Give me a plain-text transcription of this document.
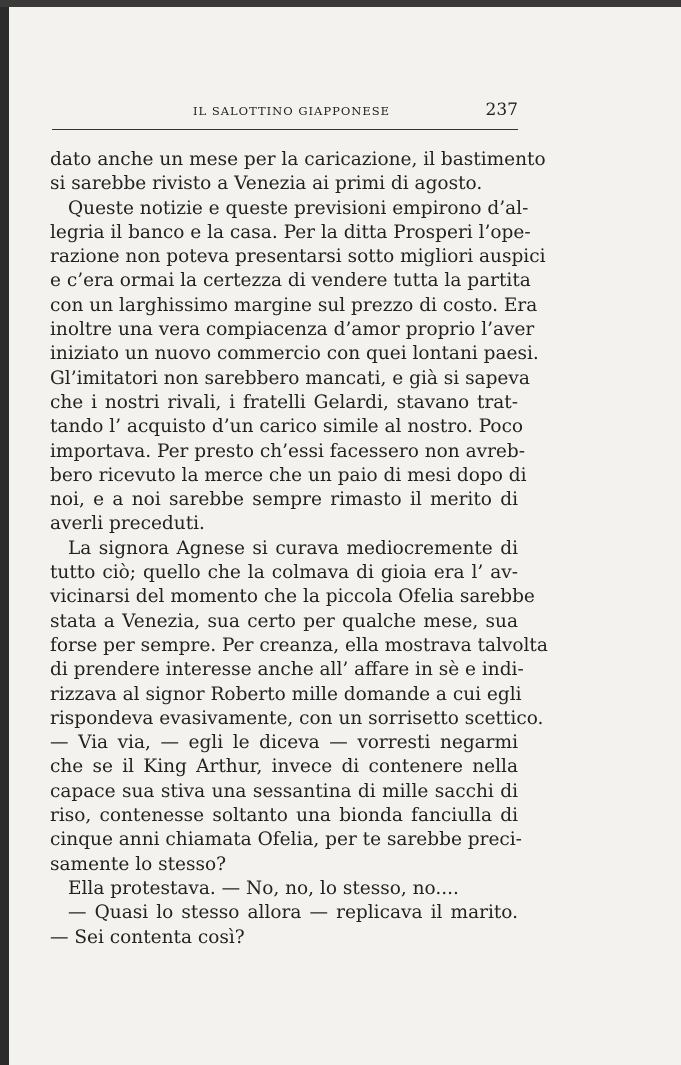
IL SALOTTINO GIAPPONESE	237
dato anche un mese per la caricazione, il bastimento
si sarebbe rivisto a Venezia ai primi di agosto.
Queste notizie e queste previsioni empirono d’al-
legria il banco e la casa. Per la ditta Prosperi l’ope-
razione non poteva presentarsi sotto migliori auspici
e c’era ormai la certezza di vendere tutta la partita
con un larghissimo margine sul prezzo di costo. Era
inoltre una vera compiacenza d’amor proprio l’aver
iniziato un nuovo commercio con quei lontani paesi.
Gl’imitatori non sarebbero mancati, e già si sapeva
che i nostri rivali, i fratelli Gelardi, stavano trat-
tando l’ acquisto d’un carico simile al nostro. Poco
importava. Per presto ch’essi facessero non avreb-
bero ricevuto la merce che un paio di mesi dopo di
noi, e a noi sarebbe sempre rimasto il merito di
averli preceduti.
La signora Agnese si curava mediocremente di
tutto ciò; quello che la colmava di gioia era l’ av-
vicinarsi del momento che la piccola Ofelia sarebbe
stata a Venezia, sua certo per qualche mese, sua
forse per sempre. Per creanza, ella mostrava talvolta
di prendere interesse anche all’ affare in sè e indi-
rizzava al signor Roberto mille domande a cui egli
rispondeva evasivamente, con un sorrisetto scettico.
— Via via, — egli le diceva — vorresti negarmi
che se il King Arthur, invece di contenere nella
capace sua stiva una sessantina di mille sacchi di
riso, contenesse soltanto una bionda fanciulla di
cinque anni chiamata Ofelia, per te sarebbe preci-
samente lo stesso?
Ella protestava. — No, no, lo stesso, no....
— Quasi lo stesso allora — replicava il marito.
— Sei contenta così?
